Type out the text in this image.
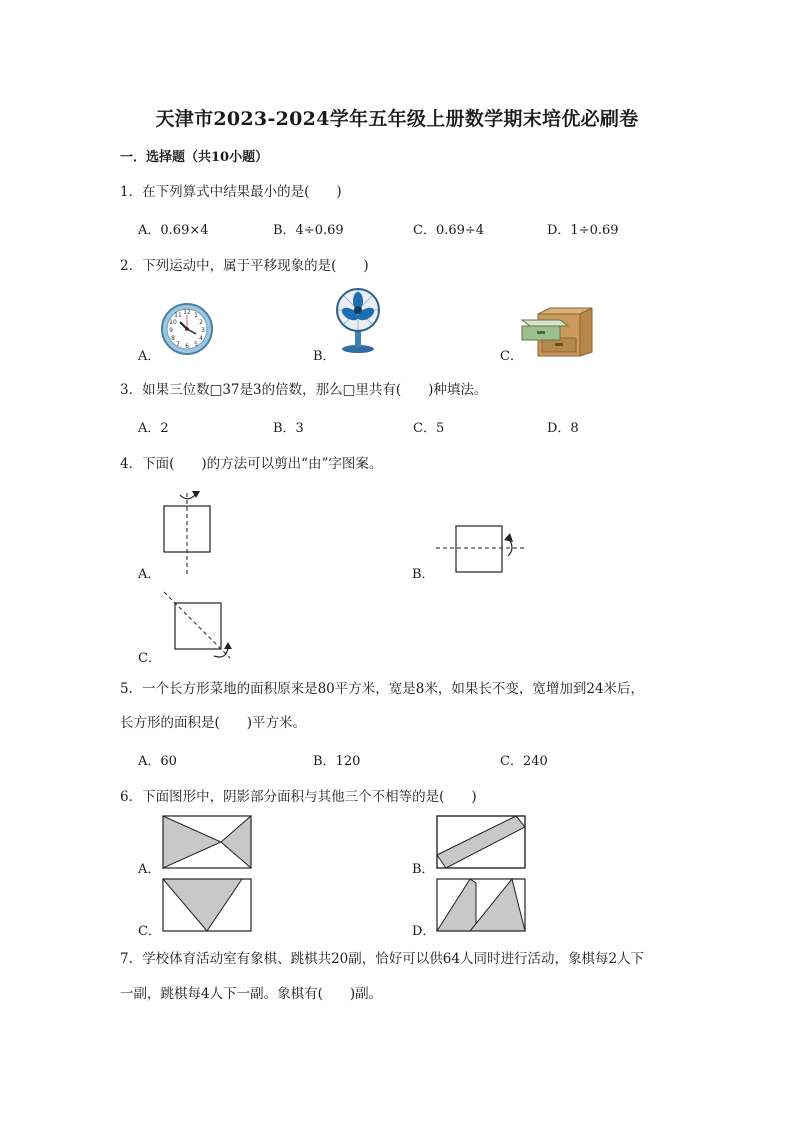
天津市2023-2024学年五年级上册数学期末培优必刷卷
一．选择题（共10小题）
1．在下列算式中结果最小的是(　　)
A．0.69×4	B．4÷0.69	C．0.69÷4	D．1÷0.69
2．下列运动中，属于平移现象的是(　　)
A．	B．	C．
12 1
2
3
4
5
6
7
8
9
10
11
3．如果三位数□37是3的倍数，那么□里共有(　　)种填法。
A．2	B．3	C．5	D．8
4．下面(　　)的方法可以剪出“由”字图案。
A．	B．
C．
5．一个长方形菜地的面积原来是80平方米，宽是8米，如果长不变，宽增加到24米后，
长方形的面积是(　　)平方米。
A．60	B．120	C．240
6．下面图形中，阴影部分面积与其他三个不相等的是(　　)
A．	B．
C．	D．
7．学校体育活动室有象棋、跳棋共20副，恰好可以供64人同时进行活动，象棋每2人下
一副，跳棋每4人下一副。象棋有(　　)副。
